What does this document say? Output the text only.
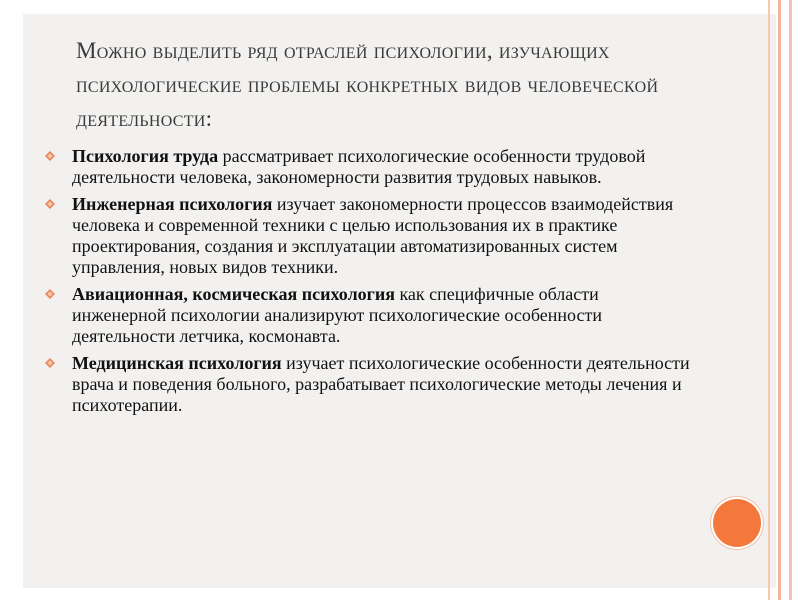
Можно выделить ряд отраслей психологии, изучающих психологические проблемы конкретных видов человеческой деятельности:
Психология труда рассматривает психологические особенности трудовой деятельности человека, закономерности развития трудовых навыков.
Инженерная психология изучает закономерности процессов взаимодействия человека и современной техники с целью использования их в практике проектирования, создания и эксплуатации автоматизированных систем управления, новых видов техники.
Авиационная, космическая психология как специфичные области инженерной психологии анализируют психологические особенности деятельности летчика, космонавта.
Медицинская психология изучает психологические особенности деятельности врача и поведения больного, разрабатывает психологические методы лечения и психотерапии.
